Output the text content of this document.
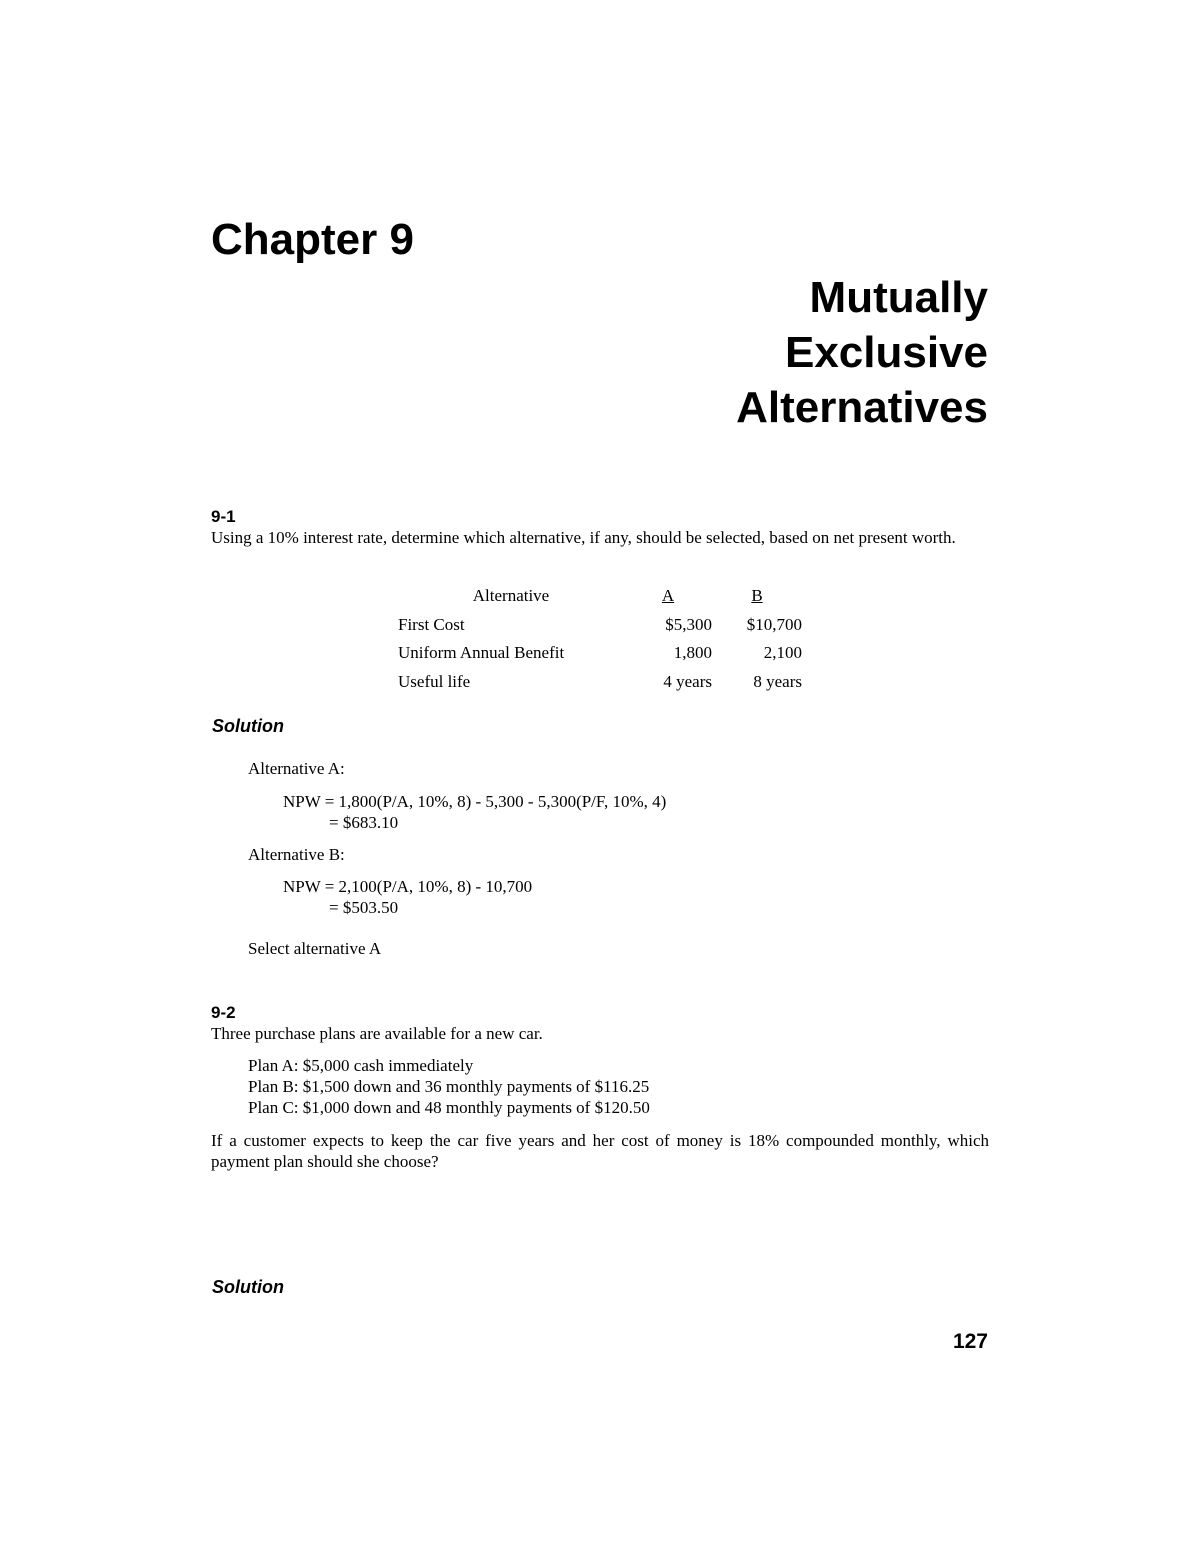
Chapter 9
Mutually
Exclusive
Alternatives
9-1
Using a 10% interest rate, determine which alternative, if any, should be selected, based on net present worth.
Alternative	A	B
First Cost	$5,300	$10,700
Uniform Annual Benefit	1,800	2,100
Useful life	4 years	8 years
Solution
Alternative A:
NPW = 1,800(P/A, 10%, 8) - 5,300 - 5,300(P/F, 10%, 4)
= $683.10
Alternative B:
NPW = 2,100(P/A, 10%, 8) - 10,700
= $503.50
Select alternative A
9-2
Three purchase plans are available for a new car.
Plan A: $5,000 cash immediately
Plan B: $1,500 down and 36 monthly payments of $116.25
Plan C: $1,000 down and 48 monthly payments of $120.50
If a customer expects to keep the car five years and her cost of money is 18% compounded monthly, which payment plan should she choose?
Solution
127
